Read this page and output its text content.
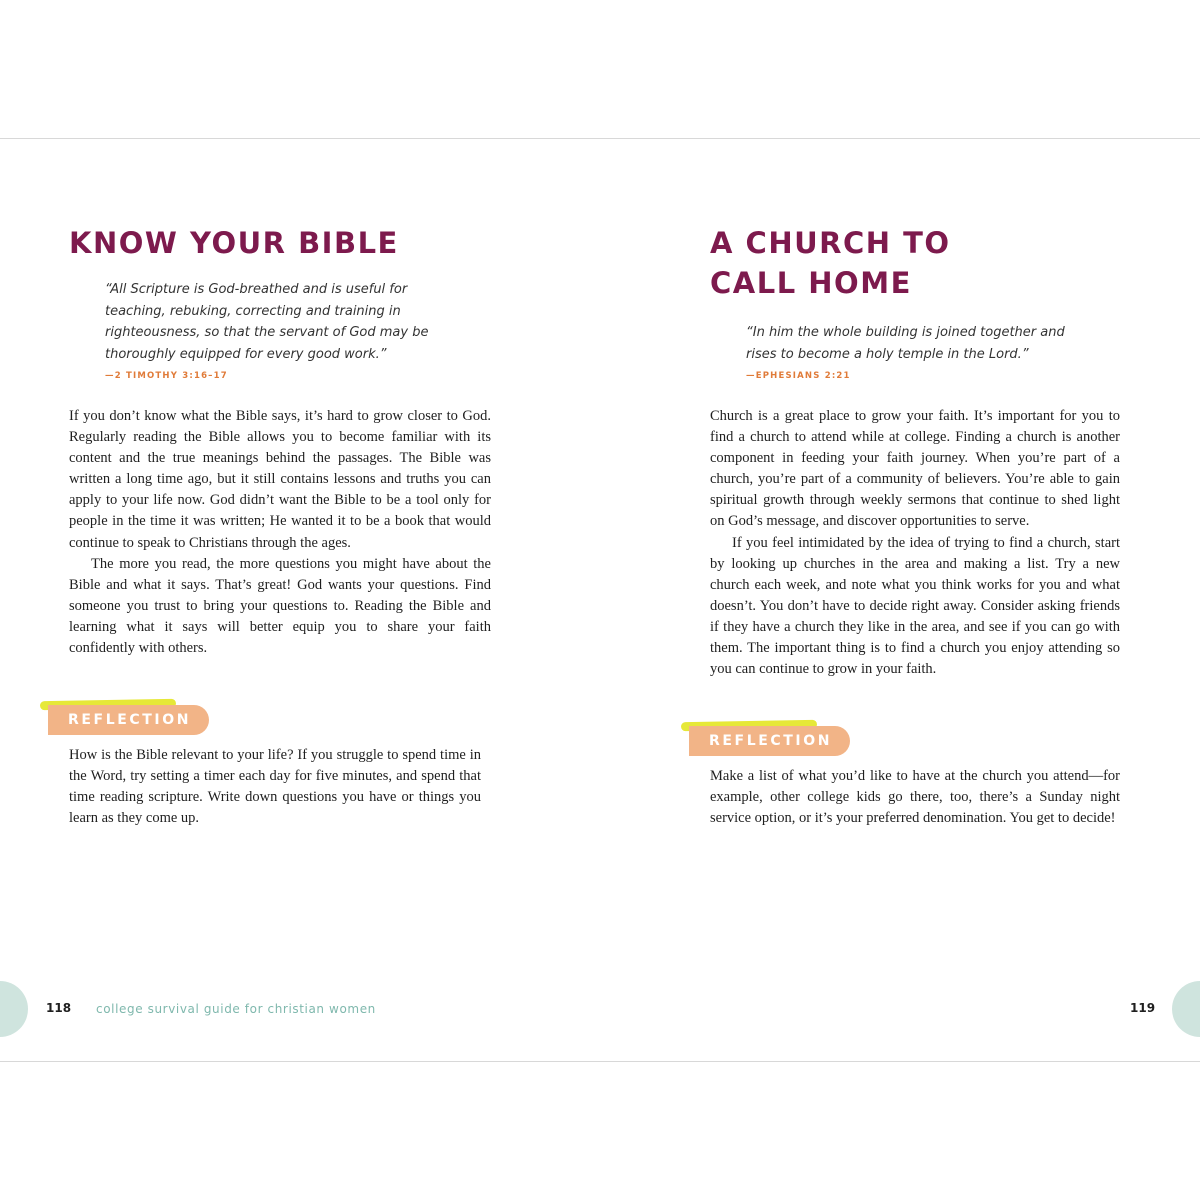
KNOW YOUR BIBLE
“All Scripture is God-breathed and is useful for teaching, rebuking, correcting and training in righteousness, so that the servant of God may be thoroughly equipped for every good work.”
—2 TIMOTHY 3:16–17

If you don’t know what the Bible says, it’s hard to grow closer to God. Regularly reading the Bible allows you to become familiar with its content and the true meanings behind the passages. The Bible was written a long time ago, but it still contains lessons and truths you can apply to your life now. God didn’t want the Bible to be a tool only for people in the time it was written; He wanted it to be a book that would continue to speak to Christians through the ages.

The more you read, the more questions you might have about the Bible and what it says. That’s great! God wants your questions. Find someone you trust to bring your questions to. Reading the Bible and learning what it says will better equip you to share your faith confidently with others.

REFLECTION

How is the Bible relevant to your life? If you struggle to spend time in the Word, try setting a timer each day for five minutes, and spend that time reading scripture. Write down questions you have or things you learn as they come up.

118 college survival guide for christian women
A CHURCH TO
CALL HOME
“In him the whole building is joined together and rises to become a holy temple in the Lord.”
—EPHESIANS 2:21

Church is a great place to grow your faith. It’s important for you to find a church to attend while at college. Finding a church is another component in feeding your faith journey. When you’re part of a church, you’re part of a community of believers. You’re able to gain spiritual growth through weekly sermons that continue to shed light on God’s message, and discover opportunities to serve.

If you feel intimidated by the idea of trying to find a church, start by looking up churches in the area and making a list. Try a new church each week, and note what you think works for you and what doesn’t. You don’t have to decide right away. Consider asking friends if they have a church they like in the area, and see if you can go with them. The important thing is to find a church you enjoy attending so you can continue to grow in your faith.

REFLECTION

Make a list of what you’d like to have at the church you attend—for example, other college kids go there, too, there’s a Sunday night service option, or it’s your preferred denomination. You get to decide!

119
